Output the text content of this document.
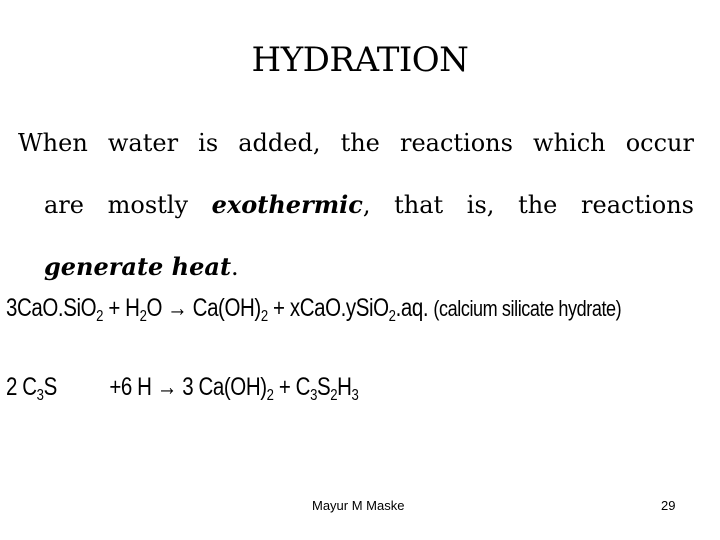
HYDRATION
When water is added, the reactions which occur
are mostly exothermic, that is, the reactions
generate heat.
$3CaO.SiO_2 + H_2O \to Ca(OH)_2$ + xCaO.ySiO$_2$.aq. (calcium silicate hydrate)
2 $C_3S +6$ H → 3 $Ca(OH)_2 + C_3S_2H_3$
Mayur M Maske	29
